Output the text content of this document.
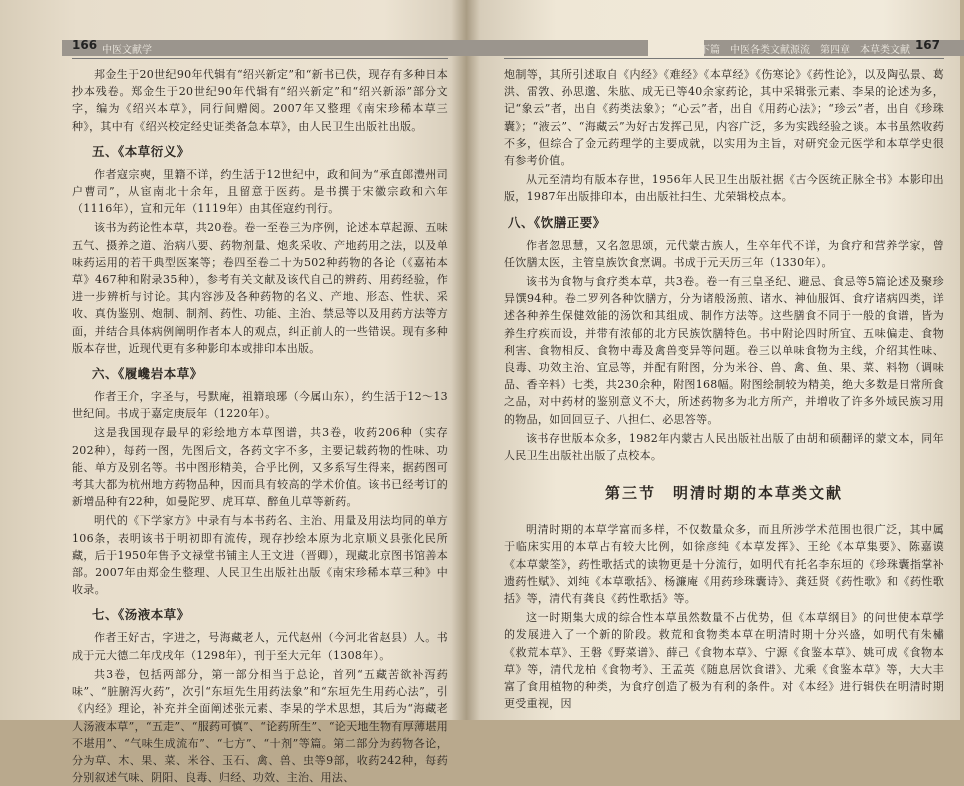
166 中医文献学

邦金生于20世纪90年代辑有“绍兴新定”和“新书已佚，现存有多种日本抄本残卷。郑金生于20世纪90年代辑有“绍兴新定”和“绍兴新添”部分文字，编为《绍兴本草》，同行间赠阅。2007年又整理《南宋珍稀本草三种》，其中有《绍兴校定经史证类备急本草》，由人民卫生出版社出版。

五、《本草衍义》

作者寇宗奭，里籍不详，约生活于12世纪中，政和间为“承直郎澧州司户曹司”，从宦南北十余年，且留意于医药。是书撰于宋徽宗政和六年（1116年），宣和元年（1119年）由其侄寇约刊行。

该书为药论性本草，共20卷。卷一至卷三为序例，论述本草起源、五味五气、摄养之道、治病八要、药物剂量、炮炙采收、产地药用之法，以及单味药运用的若干典型医案等；卷四至卷二十为502种药物的各论（《嘉祐本草》467种和附录35种），参考有关文献及该代自己的辨药、用药经验，作进一步辨析与讨论。其内容涉及各种药物的名义、产地、形态、性状、采收、真伪鉴别、炮制、制剂、药性、功能、主治、禁忌等以及用药方法等方面，并结合具体病例阐明作者本人的观点，纠正前人的一些错误。现有多种版本存世，近现代更有多种影印本或排印本出版。

六、《履巉岩本草》

作者王介，字圣与，号默庵，祖籍琅琊（今属山东），约生活于12～13世纪间。书成于嘉定庚辰年（1220年）。

这是我国现存最早的彩绘地方本草图谱，共3卷，收药206种（实存202种），每药一图，先图后文，各药文字不多，主要记载药物的性味、功能、单方及别名等。书中图形精美，合乎比例，又多系写生得来，据药图可考其大都为杭州地方药物品种，因而具有较高的学术价值。该书已经考订的新增品种有22种，如曼陀罗、虎耳草、醉鱼儿草等新药。

明代的《下学家方》中录有与本书药名、主治、用量及用法均同的单方106条，表明该书于明初即有流传，现存抄绘本原为北京顺义县张化民所藏，后于1950年售予文禄堂书铺主人王文进（晋卿），现藏北京图书馆善本部。2007年由郑金生整理、人民卫生出版社出版《南宋珍稀本草三种》中收录。

七、《汤液本草》

作者王好古，字进之，号海藏老人，元代赵州（今河北省赵县）人。书成于元大德二年戊戌年（1298年），刊于至大元年（1308年）。

共3卷，包括两部分，第一部分相当于总论，首列“五藏苦欲补泻药味”、“脏腑泻火药”，次引“东垣先生用药法象”和“东垣先生用药心法”，引《内经》理论，补充并全面阐述张元素、李杲的学术思想，其后为“海藏老人汤液本草”，“五走”、“服药可慎”、“论药所生”、“论天地生物有厚薄堪用不堪用”、“气味生成流布”、“七方”、“十剂”等篇。第二部分为药物各论，分为草、木、果、菜、米谷、玉石、禽、兽、虫等9部，收药242种，每药分别叙述气味、阴阳、良毒、归经、功效、主治、用法、

下篇　中医各类文献源流　第四章　本草类文献 167

炮制等，其所引述取自《内经》《难经》《本草经》《伤寒论》《药性论》，以及陶弘景、葛洪、雷敩、孙思邈、朱肱、成无已等40余家药论，其中采辑张元素、李杲的论述为多，记“象云”者，出自《药类法象》；“心云”者，出自《用药心法》；“珍云”者，出自《珍珠囊》；“液云”、“海藏云”为好古发挥己见，内容广泛，多为实践经验之谈。本书虽然收药不多，但综合了金元药理学的主要成就，以实用为主旨，对研究金元医学和本草学史很有参考价值。

从元至清均有版本存世，1956年人民卫生出版社据《古今医统正脉全书》本影印出版，1987年出版排印本，由出版社扫生、尤荣辑校点本。

八、《饮膳正要》

作者忽思慧，又名忽思颂，元代蒙古族人，生卒年代不详，为食疗和营养学家，曾任饮膳太医，主管皇族饮食烹调。书成于元天历三年（1330年）。

该书为食物与食疗类本草，共3卷。卷一有三皇圣纪、避忌、食忌等5篇论述及聚珍异馔94种。卷二罗列各种饮膳方，分为诸般汤煎、诸水、神仙服饵、食疗诸病四类，详述各种养生保健效能的汤饮和其组成、制作方法等。这些膳食不同于一般的食谱，皆为养生疗疾而设，并带有浓郁的北方民族饮膳特色。书中附论四时所宜、五味偏走、食物利害、食物相反、食物中毒及禽兽变异等问题。卷三以单味食物为主线，介绍其性味、良毒、功效主治、宜忌等，并配有附图，分为米谷、兽、禽、鱼、果、菜、料物（调味品、香辛料）七类，共230余种，附图168幅。附图绘制较为精美，绝大多数是日常所食之品，对中药材的鉴别意义不大，所述药物多为北方所产，并增收了许多外域民族习用的物品，如回回豆子、八担仁、必思答等。

该书存世版本众多，1982年内蒙古人民出版社出版了由胡和硕翻译的蒙文本，同年人民卫生出版社出版了点校本。

第三节　明清时期的本草类文献

明清时期的本草学富而多样，不仅数量众多，而且所涉学术范围也很广泛，其中属于临床实用的本草占有较大比例，如徐彦纯《本草发挥》、王纶《本草集要》、陈嘉谟《本草蒙筌》，药性歌括式的读物更是十分流行，如明代有托名李东垣的《珍珠囊指掌补遗药性赋》、刘纯《本草歌括》、杨濂庵《用药珍珠囊诗》、龚廷贤《药性歌》和《药性歌括》等，清代有龚良《药性歌括》等。

这一时期集大成的综合性本草虽然数量不占优势，但《本草纲目》的问世使本草学的发展进入了一个新的阶段。救荒和食物类本草在明清时期十分兴盛，如明代有朱橚《救荒本草》、王磐《野菜谱》、薛己《食物本草》、宁源《食鉴本草》、姚可成《食物本草》等，清代龙柏《食物考》、王孟英《随息居饮食谱》、尤乘《食鉴本草》等，大大丰富了食用植物的种类，为食疗创造了极为有利的条件。对《本经》进行辑佚在明清时期更受重视，因
